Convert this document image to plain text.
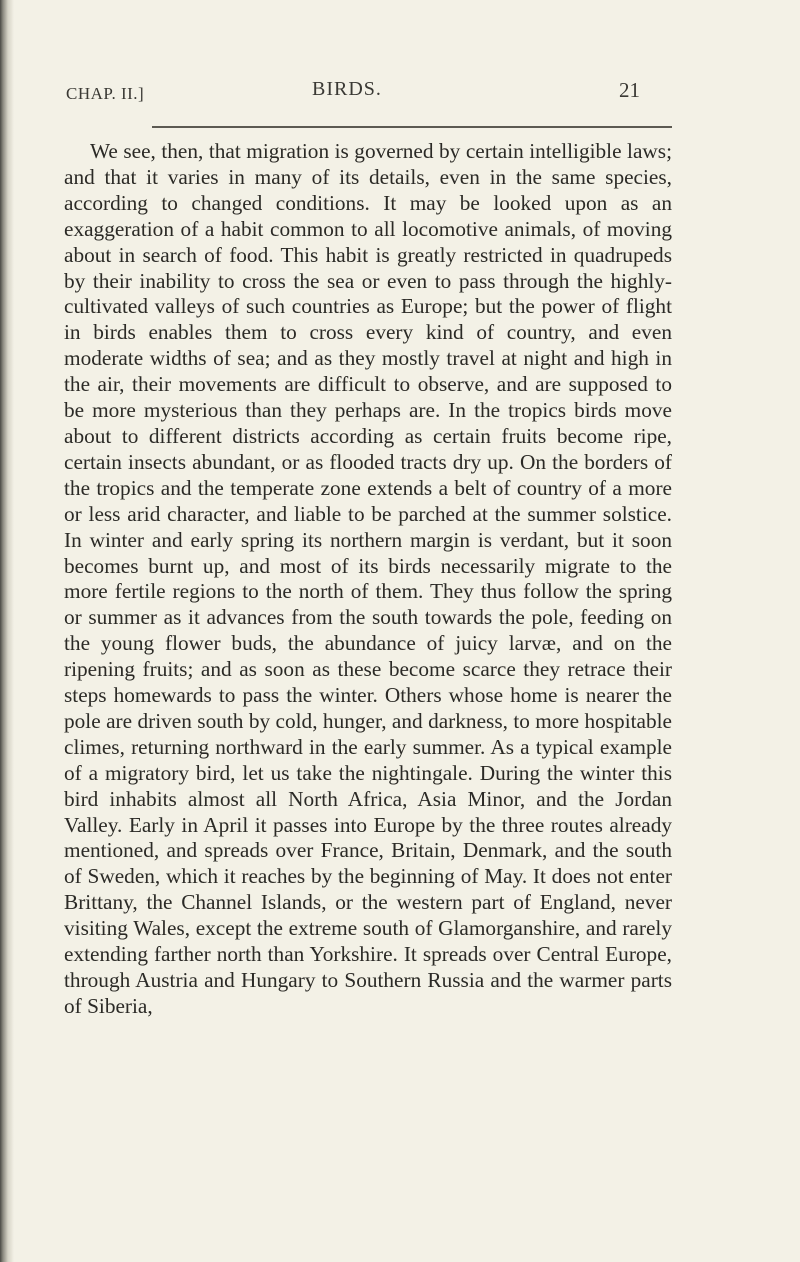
CHAP. II.]	BIRDS.	21

We see, then, that migration is governed by certain intelligible laws; and that it varies in many of its details, even in the same species, according to changed conditions. It may be looked upon as an exaggeration of a habit common to all locomotive animals, of moving about in search of food. This habit is greatly restricted in quadrupeds by their inability to cross the sea or even to pass through the highly-cultivated valleys of such countries as Europe; but the power of flight in birds enables them to cross every kind of country, and even moderate widths of sea; and as they mostly travel at night and high in the air, their movements are difficult to observe, and are supposed to be more mysterious than they perhaps are. In the tropics birds move about to different districts according as certain fruits become ripe, certain insects abundant, or as flooded tracts dry up. On the borders of the tropics and the temperate zone extends a belt of country of a more or less arid character, and liable to be parched at the summer solstice. In winter and early spring its northern margin is verdant, but it soon becomes burnt up, and most of its birds necessarily migrate to the more fertile regions to the north of them. They thus follow the spring or summer as it advances from the south towards the pole, feeding on the young flower buds, the abundance of juicy larvæ, and on the ripening fruits; and as soon as these become scarce they retrace their steps homewards to pass the winter. Others whose home is nearer the pole are driven south by cold, hunger, and darkness, to more hospitable climes, returning northward in the early summer. As a typical example of a migratory bird, let us take the nightingale. During the winter this bird inhabits almost all North Africa, Asia Minor, and the Jordan Valley. Early in April it passes into Europe by the three routes already mentioned, and spreads over France, Britain, Denmark, and the south of Sweden, which it reaches by the beginning of May. It does not enter Brittany, the Channel Islands, or the western part of England, never visiting Wales, except the extreme south of Glamorganshire, and rarely extending farther north than Yorkshire. It spreads over Central Europe, through Austria and Hungary to Southern Russia and the warmer parts of Siberia,
